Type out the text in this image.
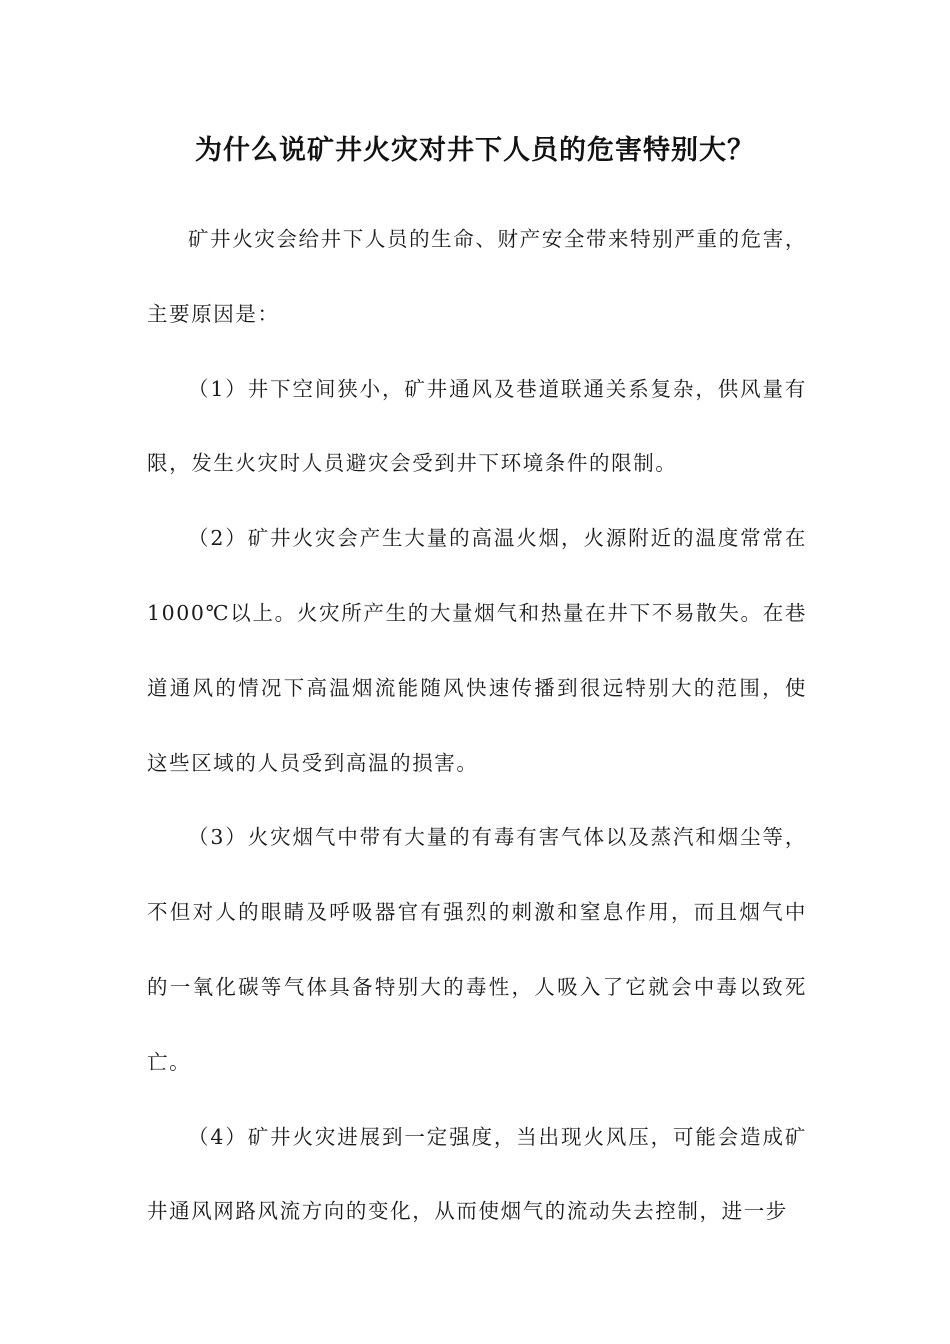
为什么说矿井火灾对井下人员的危害特别大？

矿井火灾会给井下人员的生命、财产安全带来特别严重的危害，主要原因是：

（1）井下空间狭小，矿井通风及巷道联通关系复杂，供风量有限，发生火灾时人员避灾会受到井下环境条件的限制。

（2）矿井火灾会产生大量的高温火烟，火源附近的温度常常在1000℃以上。火灾所产生的大量烟气和热量在井下不易散失。在巷道通风的情况下高温烟流能随风快速传播到很远特别大的范围，使这些区域的人员受到高温的损害。

（3）火灾烟气中带有大量的有毒有害气体以及蒸汽和烟尘等，不但对人的眼睛及呼吸器官有强烈的刺激和窒息作用，而且烟气中的一氧化碳等气体具备特别大的毒性，人吸入了它就会中毒以致死亡。

（4）矿井火灾进展到一定强度，当出现火风压，可能会造成矿井通风网路风流方向的变化，从而使烟气的流动失去控制，进一步
